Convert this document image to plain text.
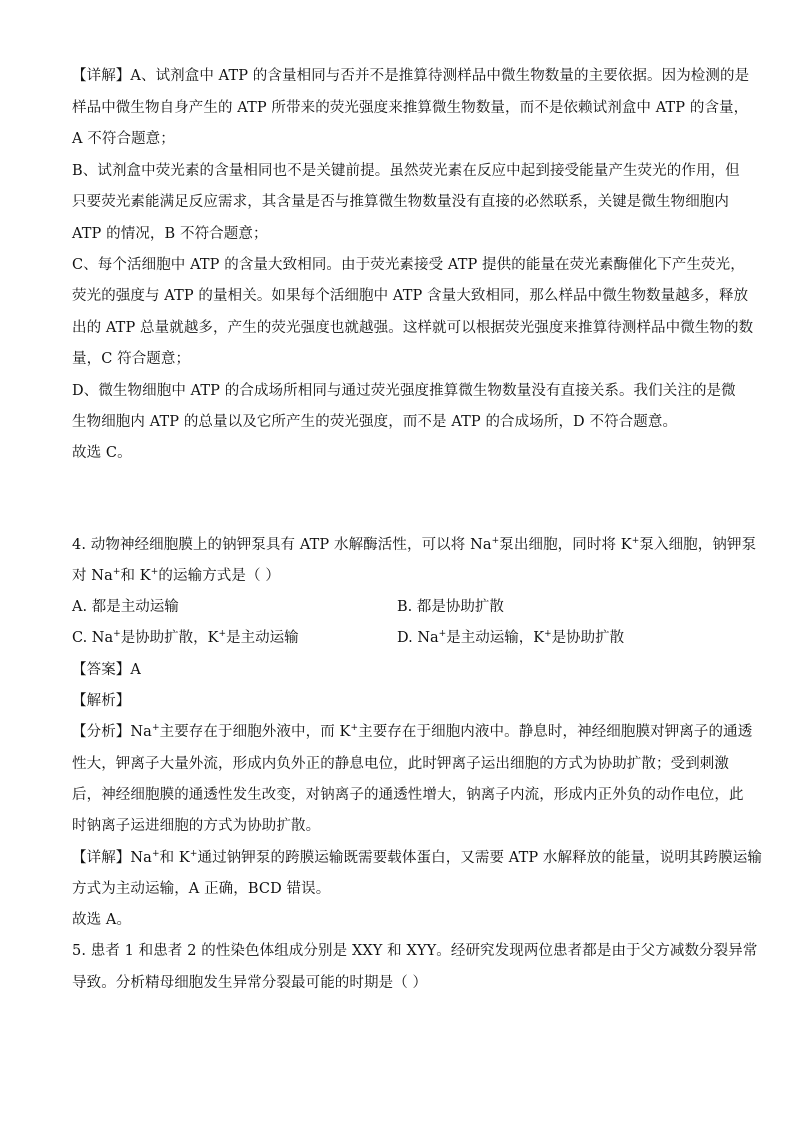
【详解】A、试剂盒中 ATP 的含量相同与否并不是推算待测样品中微生物数量的主要依据。因为检测的是
样品中微生物自身产生的 ATP 所带来的荧光强度来推算微生物数量，而不是依赖试剂盒中 ATP 的含量，
A 不符合题意；
B、试剂盒中荧光素的含量相同也不是关键前提。虽然荧光素在反应中起到接受能量产生荧光的作用，但
只要荧光素能满足反应需求，其含量是否与推算微生物数量没有直接的必然联系，关键是微生物细胞内
ATP 的情况，B 不符合题意；
C、每个活细胞中 ATP 的含量大致相同。由于荧光素接受 ATP 提供的能量在荧光素酶催化下产生荧光，
荧光的强度与 ATP 的量相关。如果每个活细胞中 ATP 含量大致相同，那么样品中微生物数量越多，释放
出的 ATP 总量就越多，产生的荧光强度也就越强。这样就可以根据荧光强度来推算待测样品中微生物的数
量，C 符合题意；
D、微生物细胞中 ATP 的合成场所相同与通过荧光强度推算微生物数量没有直接关系。我们关注的是微
生物细胞内 ATP 的总量以及它所产生的荧光强度，而不是 ATP 的合成场所，D 不符合题意。
故选 C。
4. 动物神经细胞膜上的钠钾泵具有 ATP 水解酶活性，可以将 Na+泵出细胞，同时将 K+泵入细胞，钠钾泵
对 Na+和 K+的运输方式是（ ）
A. 都是主动运输	B. 都是协助扩散
C. Na+是协助扩散，K+是主动运输	D. Na+是主动运输，K+是协助扩散
【答案】A
【解析】
【分析】Na+主要存在于细胞外液中，而 K+主要存在于细胞内液中。静息时，神经细胞膜对钾离子的通透
性大，钾离子大量外流，形成内负外正的静息电位，此时钾离子运出细胞的方式为协助扩散；受到刺激
后，神经细胞膜的通透性发生改变，对钠离子的通透性增大，钠离子内流，形成内正外负的动作电位，此
时钠离子运进细胞的方式为协助扩散。
【详解】Na+和 K+通过钠钾泵的跨膜运输既需要载体蛋白，又需要 ATP 水解释放的能量，说明其跨膜运输
方式为主动运输，A 正确，BCD 错误。
故选 A。
5. 患者 1 和患者 2 的性染色体组成分别是 XXY 和 XYY。经研究发现两位患者都是由于父方减数分裂异常
导致。分析精母细胞发生异常分裂最可能的时期是（ ）
